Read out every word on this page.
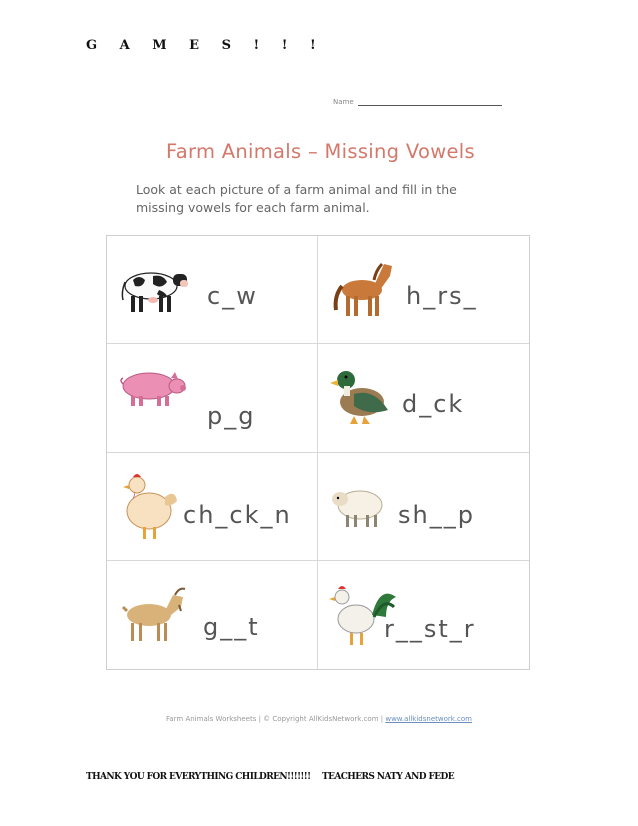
G A M E S ! ! !
Name
Farm Animals – Missing Vowels
Look at each picture of a farm animal and fill in the missing vowels for each farm animal.
c_w	h_rs_
p_g	d_ck
ch_ck_n	sh__p
g__t	r__st_r
Farm Animals Worksheets | © Copyright AllKidsNetwork.com | www.allkidsnetwork.com
THANK YOU FOR EVERYTHING CHILDREN!!!!!!! TEACHERS NATY AND FEDE
